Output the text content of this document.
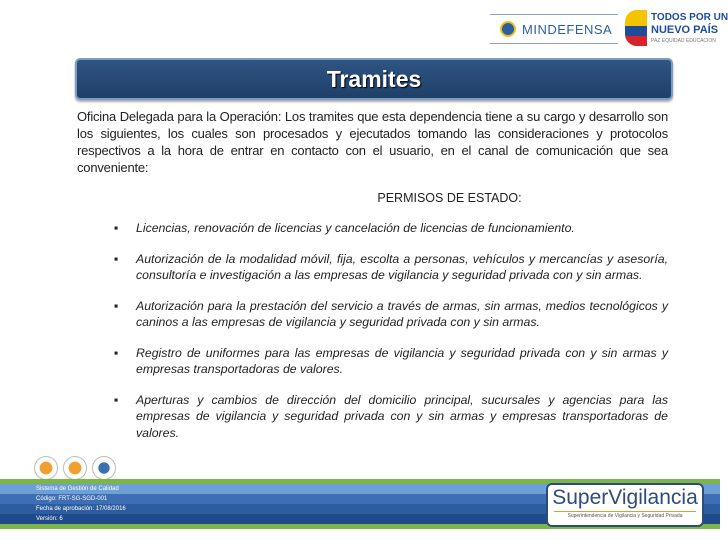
MINDEFENSA
TODOS POR UN
NUEVO PAÍS
PAZ EQUIDAD EDUCACION
Tramites
Oficina Delegada para la Operación: Los tramites que esta dependencia tiene a su cargo y desarrollo son los siguientes, los cuales son procesados y ejecutados tomando las consideraciones y protocolos respectivos a la hora de entrar en contacto con el usuario, en el canal de comunicación que sea conveniente:
PERMISOS DE ESTADO:
▪ Licencias, renovación de licencias y cancelación de licencias de funcionamiento.
▪ Autorización de la modalidad móvil, fija, escolta a personas, vehículos y mercancías y asesoría, consultoría e investigación a las empresas de vigilancia y seguridad privada con y sin armas.
▪ Autorización para la prestación del servicio a través de armas, sin armas, medios tecnológicos y caninos a las empresas de vigilancia y seguridad privada con y sin armas.
▪ Registro de uniformes para las empresas de vigilancia y seguridad privada con y sin armas y empresas transportadoras de valores.
▪ Aperturas y cambios de dirección del domicilio principal, sucursales y agencias para las empresas de vigilancia y seguridad privada con y sin armas y empresas transportadoras de valores.
Sistema de Gestión de Calidad
Código: FRT-SG-SGD-001
Fecha de aprobación: 17/08/2016
Versión: 6
SuperVigilancia
Superintendencia de Vigilancia y Seguridad Privada
